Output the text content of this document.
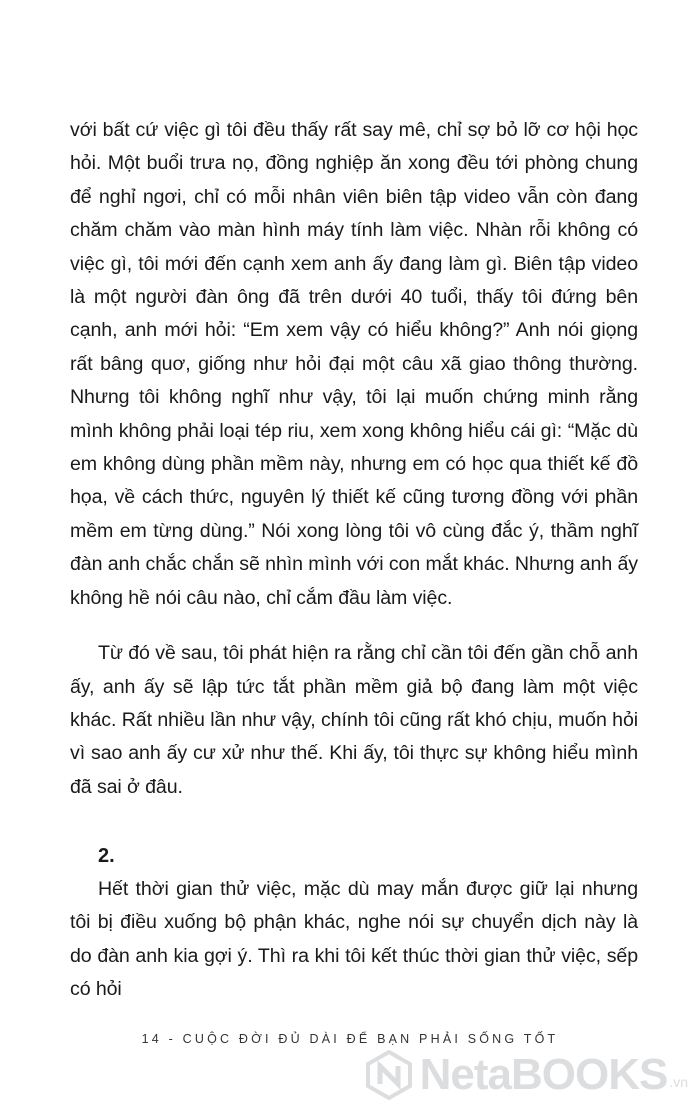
với bất cứ việc gì tôi đều thấy rất say mê, chỉ sợ bỏ lỡ cơ hội học hỏi. Một buổi trưa nọ, đồng nghiệp ăn xong đều tới phòng chung để nghỉ ngơi, chỉ có mỗi nhân viên biên tập video vẫn còn đang chăm chăm vào màn hình máy tính làm việc. Nhàn rỗi không có việc gì, tôi mới đến cạnh xem anh ấy đang làm gì. Biên tập video là một người đàn ông đã trên dưới 40 tuổi, thấy tôi đứng bên cạnh, anh mới hỏi: “Em xem vậy có hiểu không?” Anh nói giọng rất bâng quơ, giống như hỏi đại một câu xã giao thông thường. Nhưng tôi không nghĩ như vậy, tôi lại muốn chứng minh rằng mình không phải loại tép riu, xem xong không hiểu cái gì: “Mặc dù em không dùng phần mềm này, nhưng em có học qua thiết kế đồ họa, về cách thức, nguyên lý thiết kế cũng tương đồng với phần mềm em từng dùng.” Nói xong lòng tôi vô cùng đắc ý, thầm nghĩ đàn anh chắc chắn sẽ nhìn mình với con mắt khác. Nhưng anh ấy không hề nói câu nào, chỉ cắm đầu làm việc.

Từ đó về sau, tôi phát hiện ra rằng chỉ cần tôi đến gần chỗ anh ấy, anh ấy sẽ lập tức tắt phần mềm giả bộ đang làm một việc khác. Rất nhiều lần như vậy, chính tôi cũng rất khó chịu, muốn hỏi vì sao anh ấy cư xử như thế. Khi ấy, tôi thực sự không hiểu mình đã sai ở đâu.

2.

Hết thời gian thử việc, mặc dù may mắn được giữ lại nhưng tôi bị điều xuống bộ phận khác, nghe nói sự chuyển dịch này là do đàn anh kia gợi ý. Thì ra khi tôi kết thúc thời gian thử việc, sếp có hỏi

14 - CUỘC ĐỜI ĐỦ DÀI ĐỂ BẠN PHẢI SỐNG TỐT
NetaBOOKS .vn
